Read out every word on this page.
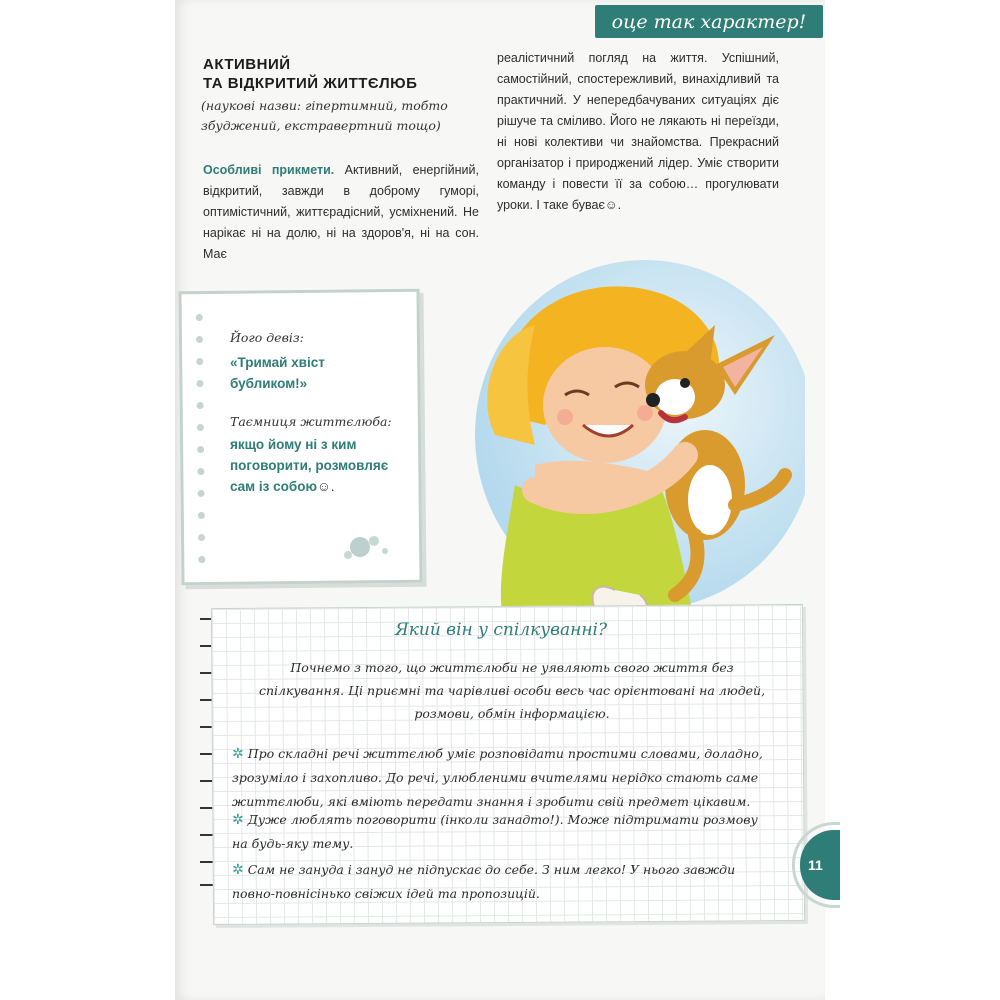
оце так характер!
АКТИВНИЙ
ТА ВІДКРИТИЙ ЖИТТЄЛЮБ
(наукові назви: гіпертимний, тобто збуджений, екстравертний тощо)
Особливі прикмети. Активний, енергійний, відкритий, завжди в доброму гуморі, оптимістичний, життєрадісний, усміхнений. Не нарікає ні на долю, ні на здоров'я, ні на сон. Має
реалістичний погляд на життя. Успішний, самостійний, спостережливий, винахідливий та практичний. У непередбачуваних ситуаціях діє рішуче та сміливо. Його не лякають ні переїзди, ні нові колективи чи знайомства. Прекрасний організатор і природжений лідер. Уміє створити команду і повести її за собою… прогулювати уроки. І таке буває☺.
Його девіз:
«Тримай хвіст бубликом!»
Таємниця життєлюба:
якщо йому ні з ким поговорити, розмовляє сам із собою☺.
Який він у спілкуванні?
Почнемо з того, що життєлюби не уявляють свого життя без спілкування. Ці приємні та чарівливі особи весь час орієнтовані на людей, розмови, обмін інформацією.
✲ Про складні речі життєлюб уміє розповідати простими словами, доладно, зрозуміло і захопливо. До речі, улюбленими вчителями нерідко стають саме життєлюби, які вміють передати знання і зробити свій предмет цікавим.
✲ Дуже люблять поговорити (інколи занадто!). Може підтримати розмову на будь-яку тему.
✲ Сам не зануда і зануд не підпускає до себе. З ним легко! У нього завжди повно-повнісінько свіжих ідей та пропозицій.
11
